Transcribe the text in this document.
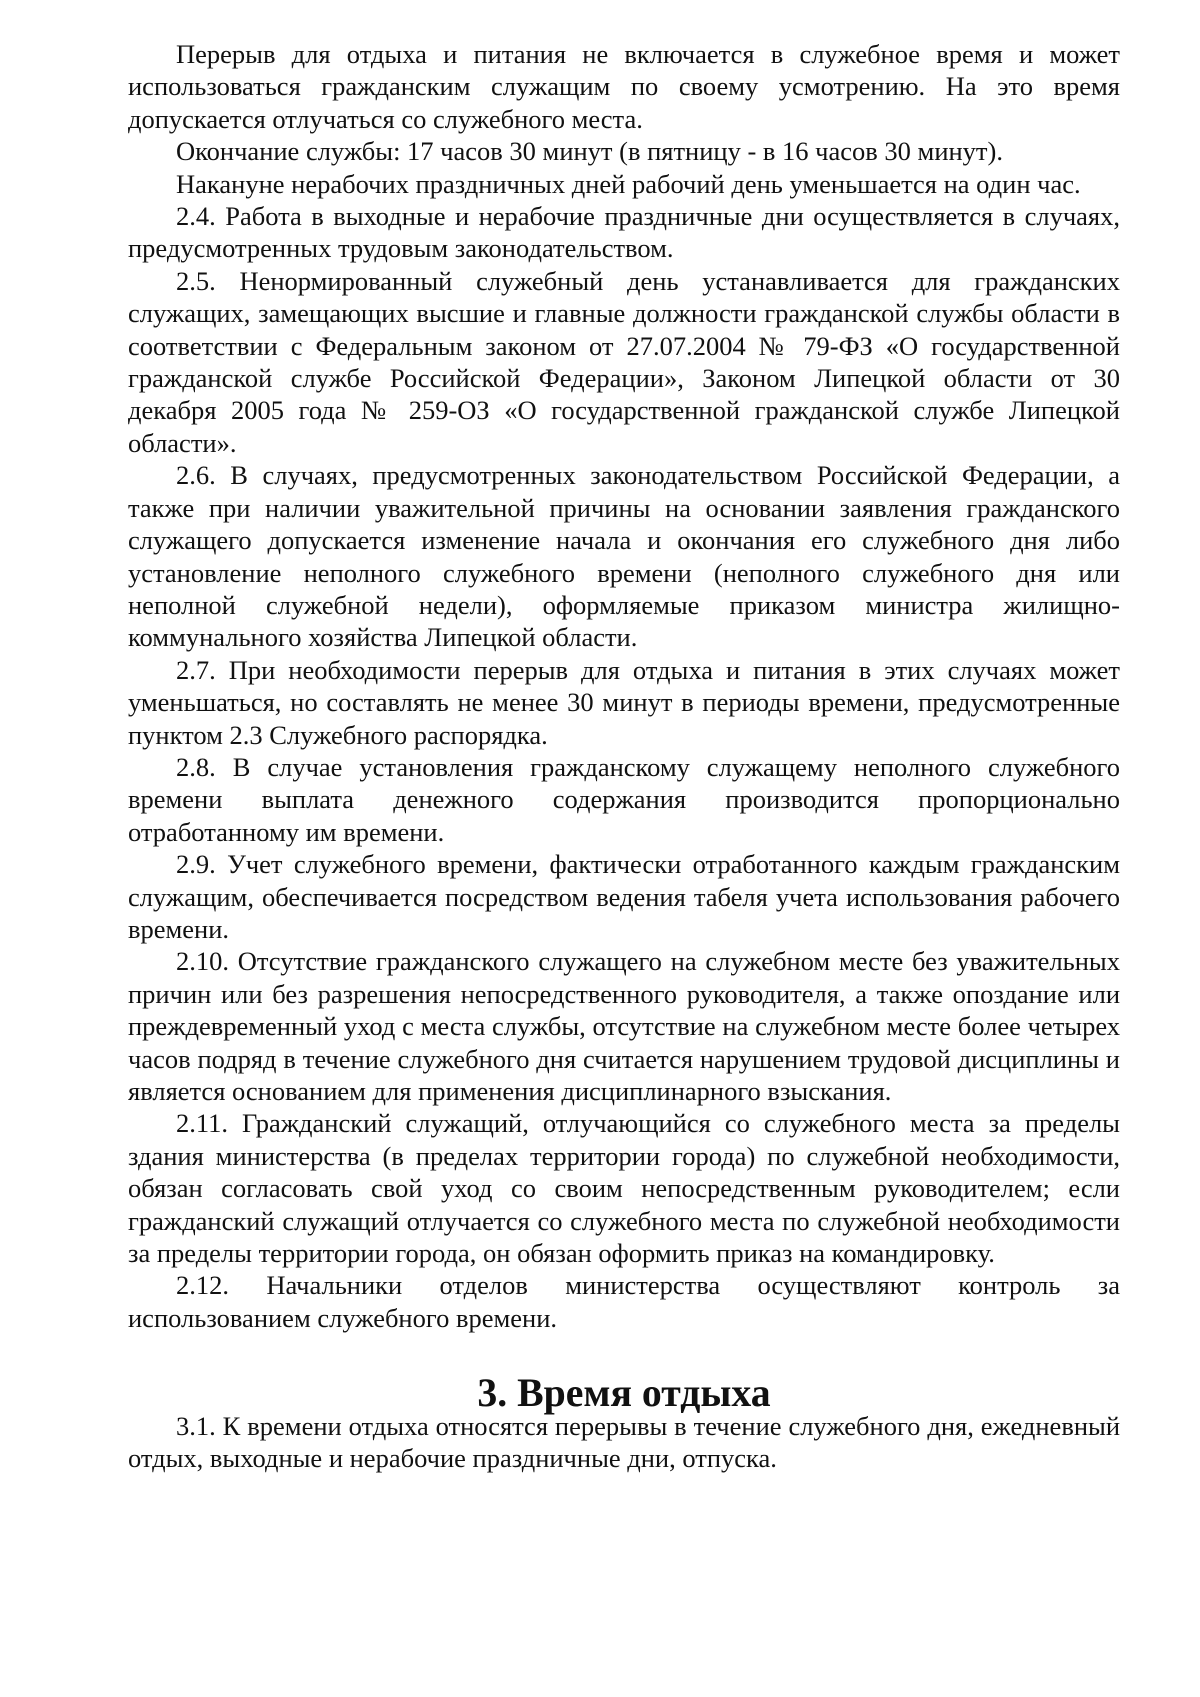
Перерыв для отдыха и питания не включается в служебное время и может использоваться гражданским служащим по своему усмотрению. На это время допускается отлучаться со служебного места.

Окончание службы: 17 часов 30 минут (в пятницу - в 16 часов 30 минут).

Накануне нерабочих праздничных дней рабочий день уменьшается на один час.

2.4. Работа в выходные и нерабочие праздничные дни осуществляется в случаях, предусмотренных трудовым законодательством.

2.5. Ненормированный служебный день устанавливается для гражданских служащих, замещающих высшие и главные должности гражданской службы области в соответствии с Федеральным законом от 27.07.2004 № 79-ФЗ «О государственной гражданской службе Российской Федерации», Законом Липецкой области от 30 декабря 2005 года № 259-ОЗ «О государственной гражданской службе Липецкой области».

2.6. В случаях, предусмотренных законодательством Российской Федерации, а также при наличии уважительной причины на основании заявления гражданского служащего допускается изменение начала и окончания его служебного дня либо установление неполного служебного времени (неполного служебного дня или неполной служебной недели), оформляемые приказом министра жилищно-коммунального хозяйства Липецкой области.

2.7. При необходимости перерыв для отдыха и питания в этих случаях может уменьшаться, но составлять не менее 30 минут в периоды времени, предусмотренные пунктом 2.3 Служебного распорядка.

2.8. В случае установления гражданскому служащему неполного служебного времени выплата денежного содержания производится пропорционально отработанному им времени.

2.9. Учет служебного времени, фактически отработанного каждым гражданским служащим, обеспечивается посредством ведения табеля учета использования рабочего времени.

2.10. Отсутствие гражданского служащего на служебном месте без уважительных причин или без разрешения непосредственного руководителя, а также опоздание или преждевременный уход с места службы, отсутствие на служебном месте более четырех часов подряд в течение служебного дня считается нарушением трудовой дисциплины и является основанием для применения дисциплинарного взыскания.

2.11. Гражданский служащий, отлучающийся со служебного места за пределы здания министерства (в пределах территории города) по служебной необходимости, обязан согласовать свой уход со своим непосредственным руководителем; если гражданский служащий отлучается со служебного места по служебной необходимости за пределы территории города, он обязан оформить приказ на командировку.

2.12. Начальники отделов министерства осуществляют контроль за использованием служебного времени.

3. Время отдыха

3.1. К времени отдыха относятся перерывы в течение служебного дня, ежедневный отдых, выходные и нерабочие праздничные дни, отпуска.
